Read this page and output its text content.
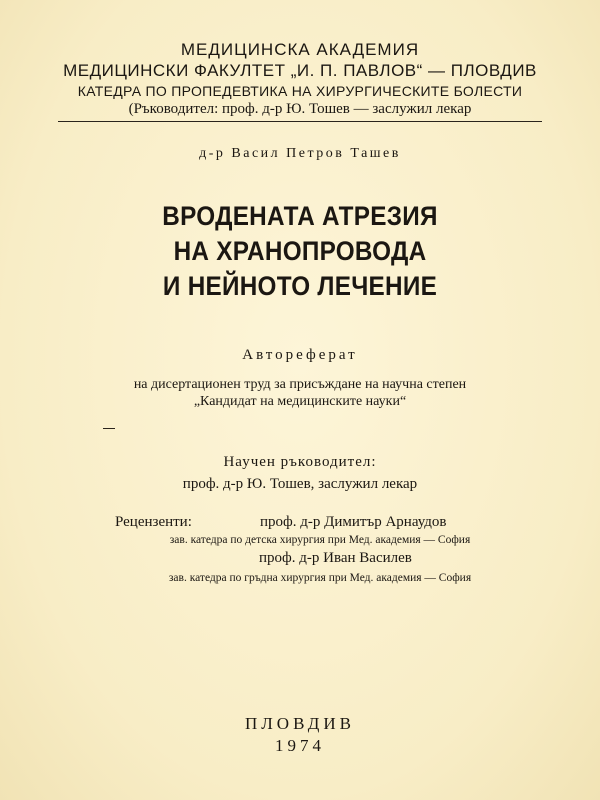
МЕДИЦИНСКА АКАДЕМИЯ
МЕДИЦИНСКИ ФАКУЛТЕТ „И. П. ПАВЛОВ“ — ПЛОВДИВ
КАТЕДРА ПО ПРОПЕДЕВТИКА НА ХИРУРГИЧЕСКИТЕ БОЛЕСТИ
(Ръководител: проф. д-р Ю. Тошев — заслужил лекар
д-р Васил Петров Ташев
ВРОДЕНАТА АТРЕЗИЯ
НА ХРАНОПРОВОДА
И НЕЙНОТО ЛЕЧЕНИЕ
Автореферат
на дисертационен труд за присъждане на научна степен
„Кандидат на медицинските науки“
Научен ръководител:
проф. д-р Ю. Тошев, заслужил лекар
Рецензенти:	проф. д-р Димитър Арнаудов
зав. катедра по детска хирургия при Мед. академия — София
проф. д-р Иван Василев
зав. катедра по гръдна хирургия при Мед. академия — София
ПЛОВДИВ
1974
